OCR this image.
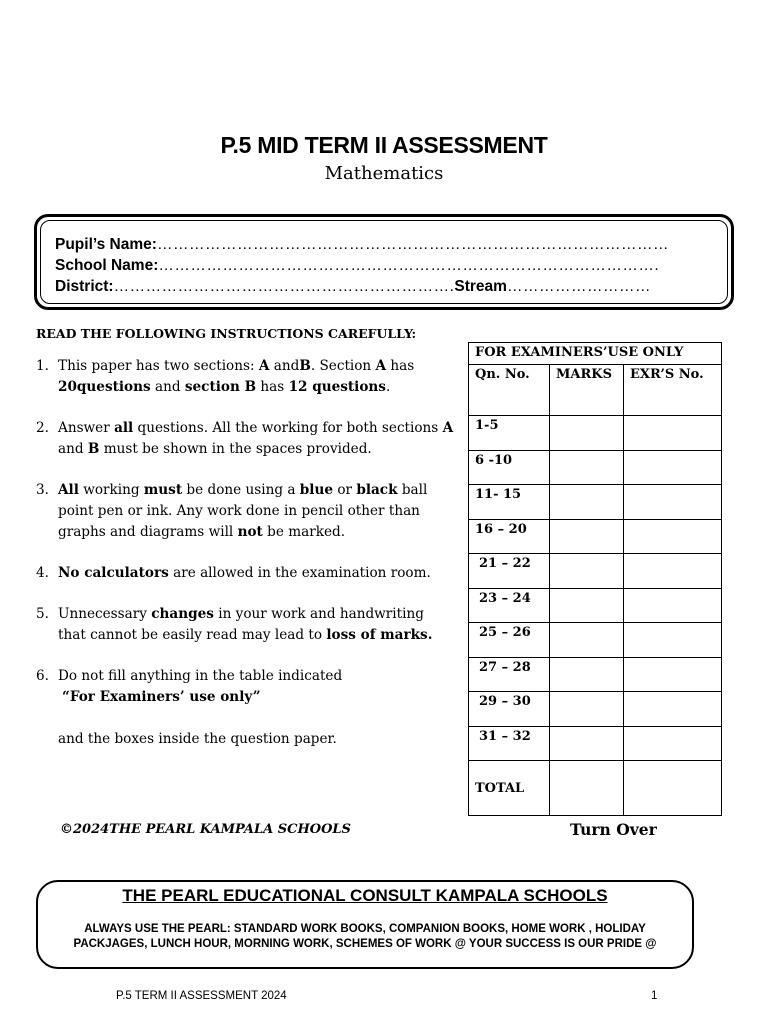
P.5 MID TERM II ASSESSMENT
Mathematics
Pupil’s Name:……………………………………………………………………………………
School Name:………………………………………………………………………………….
District:……………………………………………………….Stream………………………
READ THE FOLLOWING INSTRUCTIONS CAREFULLY:
1. This paper has two sections: A andB. Section A has 20questions and section B has 12 questions.
2. Answer all questions. All the working for both sections A and B must be shown in the spaces provided.
3. All working must be done using a blue or black ball point pen or ink. Any work done in pencil other than graphs and diagrams will not be marked.
4. No calculators are allowed in the examination room.
5. Unnecessary changes in your work and handwriting that cannot be easily read may lead to loss of marks.
6. Do not fill anything in the table indicated
“For Examiners’ use only”

and the boxes inside the question paper.
FOR EXAMINERS’USE ONLY		
Qn. No.	MARKS	EXR’S No.
1-5		
6 -10		
11- 15		
16 – 20		
21 – 22		
23 – 24		
25 – 26		
27 – 28		
29 – 30		
31 – 32		
TOTAL		
©2024THE PEARL KAMPALA SCHOOLS	Turn Over
THE PEARL EDUCATIONAL CONSULT KAMPALA SCHOOLS
ALWAYS USE THE PEARL: STANDARD WORK BOOKS, COMPANION BOOKS, HOME WORK , HOLIDAY PACKJAGES, LUNCH HOUR, MORNING WORK, SCHEMES OF WORK @ YOUR SUCCESS IS OUR PRIDE @
P.5 TERM II ASSESSMENT 2024	1
